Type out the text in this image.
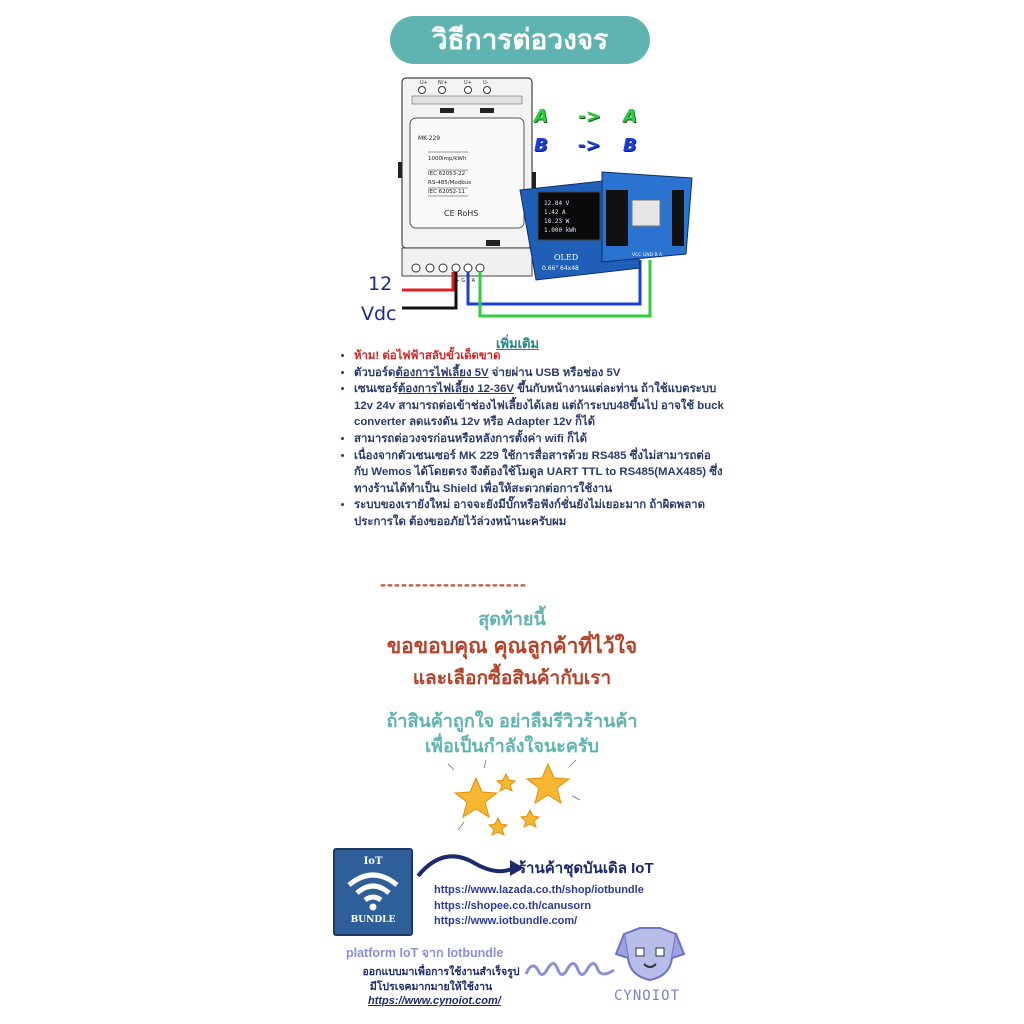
วิธีการต่อวงจร
U+ N/+	U+ U-
MK-229
1000imp/kWh
IEC 62053-22
RS-485/Modbus
IEC 62052-11
CE RoHS
V+ G B A
12.84 V
1.42 A
18.23 W
1.000 kWh
OLED
0.66" 64x48
VCC GND B A
A -> A
B -> B
12
Vdc
เพิ่มเติม
• ห้าม! ต่อไฟฟ้าสลับขั้วเด็ดขาด
• ตัวบอร์ดต้องการไฟเลี้ยง 5V จ่ายผ่าน USB หรือช่อง 5V
• เซนเซอร์ต้องการไฟเลี้ยง 12-36V ขึ้นกับหน้างานแต่ละท่าน ถ้าใช้แบตระบบ 12v 24v สามารถต่อเข้าช่องไฟเลี้ยงได้เลย แต่ถ้าระบบ48ขึ้นไป อาจใช้ buck converter ลดแรงดัน 12v หรือ Adapter 12v ก็ได้
• สามารถต่อวงจรก่อนหรือหลังการตั้งค่า wifi ก็ได้
• เนื่องจากตัวเซนเซอร์ MK 229 ใช้การสื่อสารด้วย RS485 ซึ่งไม่สามารถต่อกับ Wemos ได้โดยตรง จึงต้องใช้โมดูล UART TTL to RS485(MAX485) ซึ่งทางร้านได้ทำเป็น Shield เพื่อให้สะดวกต่อการใช้งาน
• ระบบของเรายังใหม่ อาจจะยังมีบั๊กหรือฟังก์ชั่นยังไม่เยอะมาก ถ้าผิดพลาดประการใด ต้องขออภัยไว้ล่วงหน้านะครับผม
---------------------
สุดท้ายนี้
ขอขอบคุณ คุณลูกค้าที่ไว้ใจ
และเลือกซื้อสินค้ากับเรา
ถ้าสินค้าถูกใจ อย่าลืมรีวิวร้านค้า
เพื่อเป็นกำลังใจนะครับ
IoT
BUNDLE
ร้านค้าชุดบันเดิล IoT
https://www.lazada.co.th/shop/iotbundle
https://shopee.co.th/canusorn
https://www.iotbundle.com/
platform IoT จาก Iotbundle
ออกแบบมาเพื่อการใช้งานสำเร็จรูป
มีโปรเจคมากมายให้ใช้งาน
https://www.cynoiot.com/	CYNOIOT
